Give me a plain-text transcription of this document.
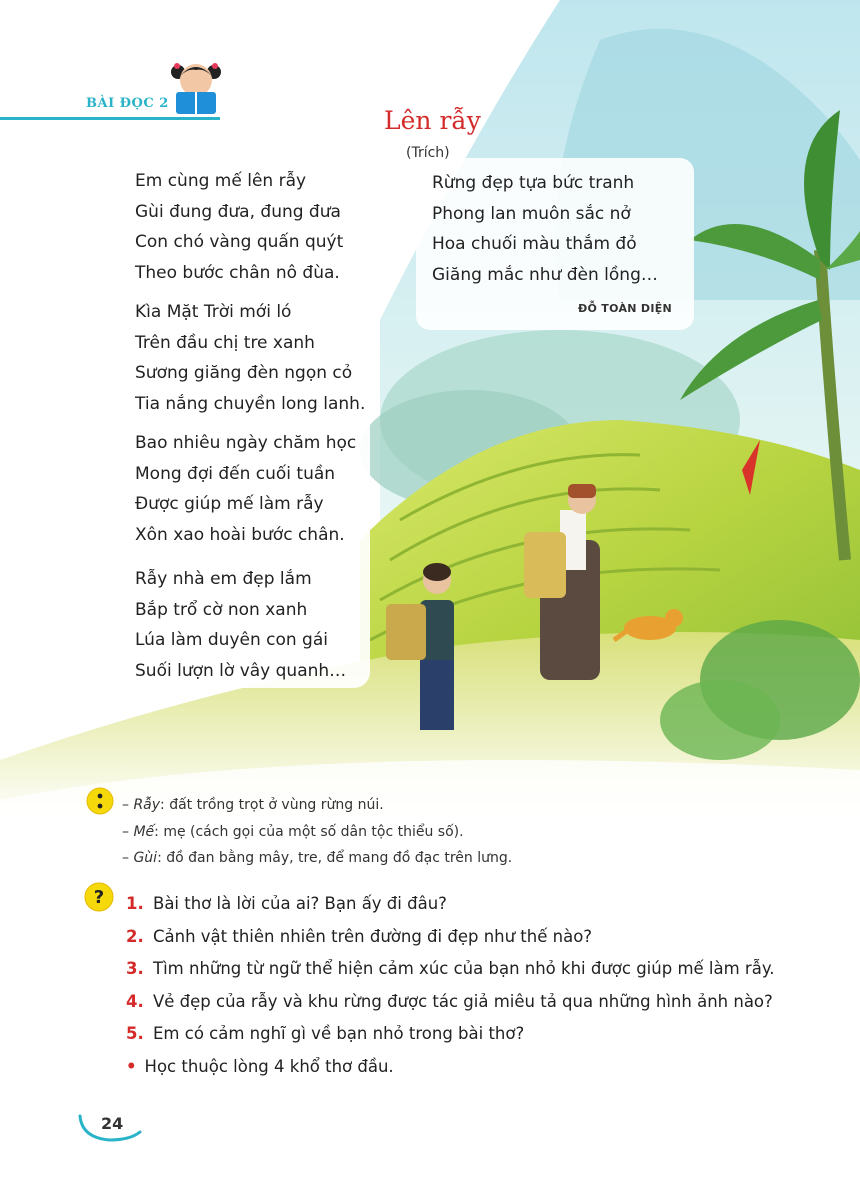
BÀI ĐỌC 2
Lên rẫy
(Trích)
Em cùng mế lên rẫy
Gùi đung đưa, đung đưa
Con chó vàng quấn quýt
Theo bước chân nô đùa.
Kìa Mặt Trời mới ló
Trên đầu chị tre xanh
Sương giăng đèn ngọn cỏ
Tia nắng chuyền long lanh.
Bao nhiêu ngày chăm học
Mong đợi đến cuối tuần
Được giúp mế làm rẫy
Xôn xao hoài bước chân.
Rẫy nhà em đẹp lắm
Bắp trổ cờ non xanh
Lúa làm duyên con gái
Suối lượn lờ vây quanh…
Rừng đẹp tựa bức tranh
Phong lan muôn sắc nở
Hoa chuối màu thắm đỏ
Giăng mắc như đèn lồng…
ĐỖ TOÀN DIỆN
– Rẫy: đất trồng trọt ở vùng rừng núi.
– Mế: mẹ (cách gọi của một số dân tộc thiểu số).
– Gùi: đồ đan bằng mây, tre, để mang đồ đạc trên lưng.
? 1. Bài thơ là lời của ai? Bạn ấy đi đâu?
2. Cảnh vật thiên nhiên trên đường đi đẹp như thế nào?
3. Tìm những từ ngữ thể hiện cảm xúc của bạn nhỏ khi được giúp mế làm rẫy.
4. Vẻ đẹp của rẫy và khu rừng được tác giả miêu tả qua những hình ảnh nào?
5. Em có cảm nghĩ gì về bạn nhỏ trong bài thơ?
• Học thuộc lòng 4 khổ thơ đầu.
24
